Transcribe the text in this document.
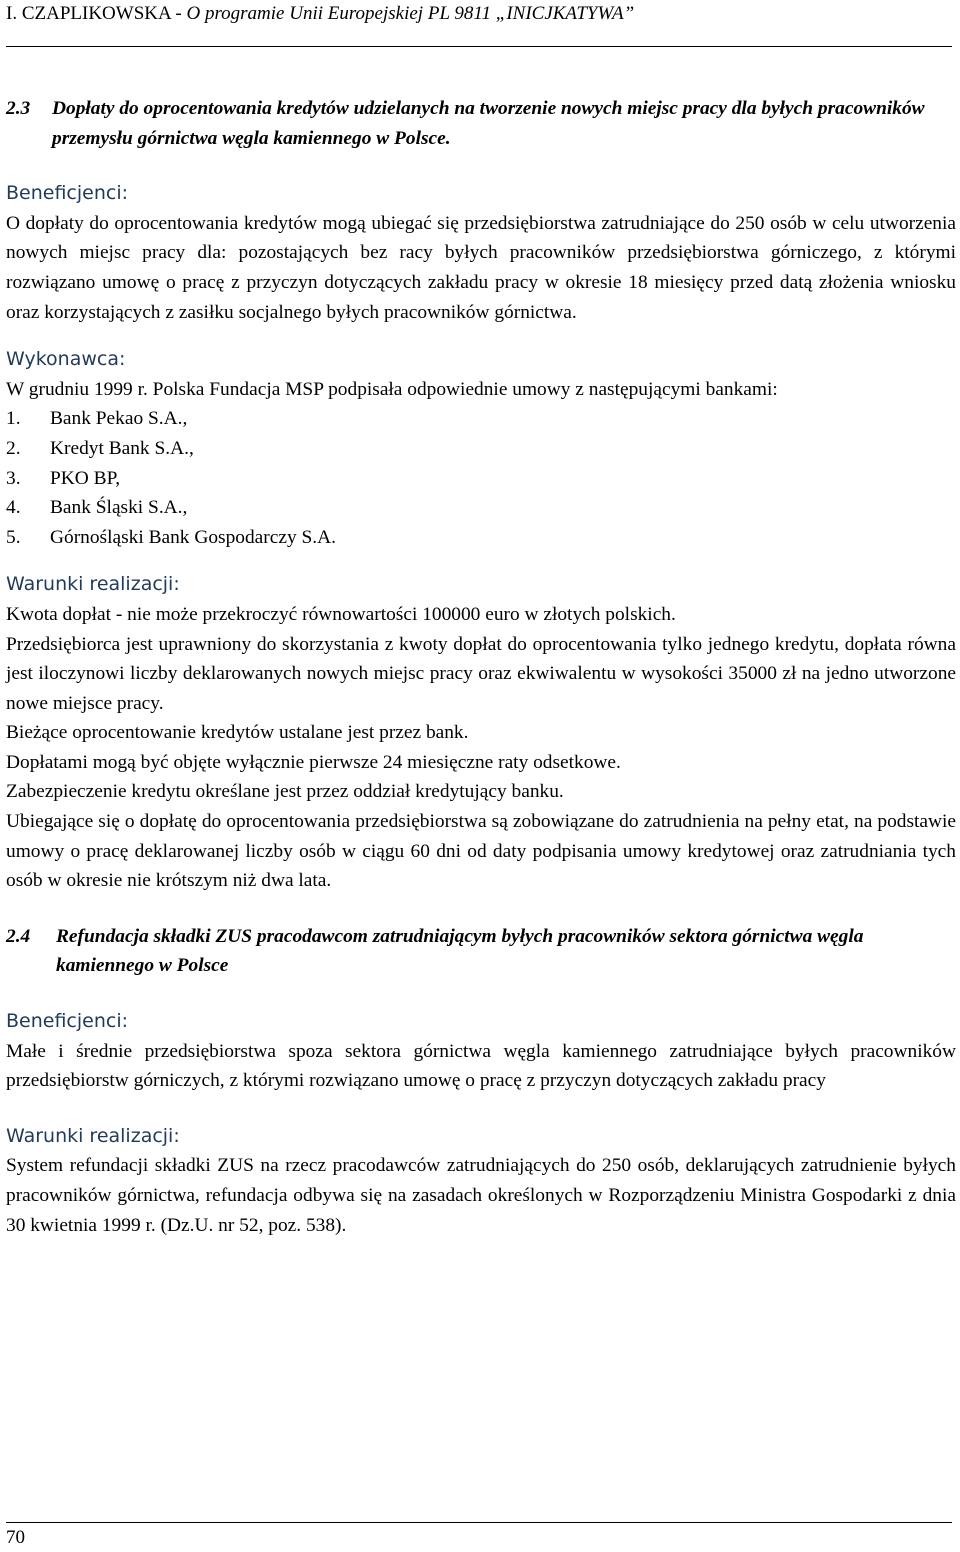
I. CZAPLIKOWSKA - O programie Unii Europejskiej PL 9811 „INICJKATYWA”
2.3	Dopłaty do oprocentowania kredytów udzielanych na tworzenie nowych miejsc pracy dla byłych pracowników przemysłu górnictwa węgla kamiennego w Polsce.

Beneficjenci:

O dopłaty do oprocentowania kredytów mogą ubiegać się przedsiębiorstwa zatrudniające do 250 osób w celu utworzenia nowych miejsc pracy dla: pozostających bez racy byłych pracowników przedsiębiorstwa górniczego, z którymi rozwiązano umowę o pracę z przyczyn dotyczących zakładu pracy w okresie 18 miesięcy przed datą złożenia wniosku oraz korzystających z zasiłku socjalnego byłych pracowników górnictwa.

Wykonawca:

W grudniu 1999 r. Polska Fundacja MSP podpisała odpowiednie umowy z następującymi bankami:

1.	Bank Pekao S.A.,
2.	Kredyt Bank S.A.,
3.	PKO BP,
4.	Bank Śląski S.A.,
5.	Górnośląski Bank Gospodarczy S.A.

Warunki realizacji:

Kwota dopłat - nie może przekroczyć równowartości 100000 euro w złotych polskich.

Przedsiębiorca jest uprawniony do skorzystania z kwoty dopłat do oprocentowania tylko jednego kredytu, dopłata równa jest iloczynowi liczby deklarowanych nowych miejsc pracy oraz ekwiwalentu w wysokości 35000 zł na jedno utworzone nowe miejsce pracy.

Bieżące oprocentowanie kredytów ustalane jest przez bank.

Dopłatami mogą być objęte wyłącznie pierwsze 24 miesięczne raty odsetkowe.

Zabezpieczenie kredytu określane jest przez oddział kredytujący banku.

Ubiegające się o dopłatę do oprocentowania przedsiębiorstwa są zobowiązane do zatrudnienia na pełny etat, na podstawie umowy o pracę deklarowanej liczby osób w ciągu 60 dni od daty podpisania umowy kredytowej oraz zatrudniania tych osób w okresie nie krótszym niż dwa lata.

2.4	Refundacja składki ZUS pracodawcom zatrudniającym byłych pracowników sektora górnictwa węgla kamiennego w Polsce

Beneficjenci:

Małe i średnie przedsiębiorstwa spoza sektora górnictwa węgla kamiennego zatrudniające byłych pracowników przedsiębiorstw górniczych, z którymi rozwiązano umowę o pracę z przyczyn dotyczących zakładu pracy

Warunki realizacji:

System refundacji składki ZUS na rzecz pracodawców zatrudniających do 250 osób, deklarujących zatrudnienie byłych pracowników górnictwa, refundacja odbywa się na zasadach określonych w Rozporządzeniu Ministra Gospodarki z dnia 30 kwietnia 1999 r. (Dz.U. nr 52, poz. 538).

70
